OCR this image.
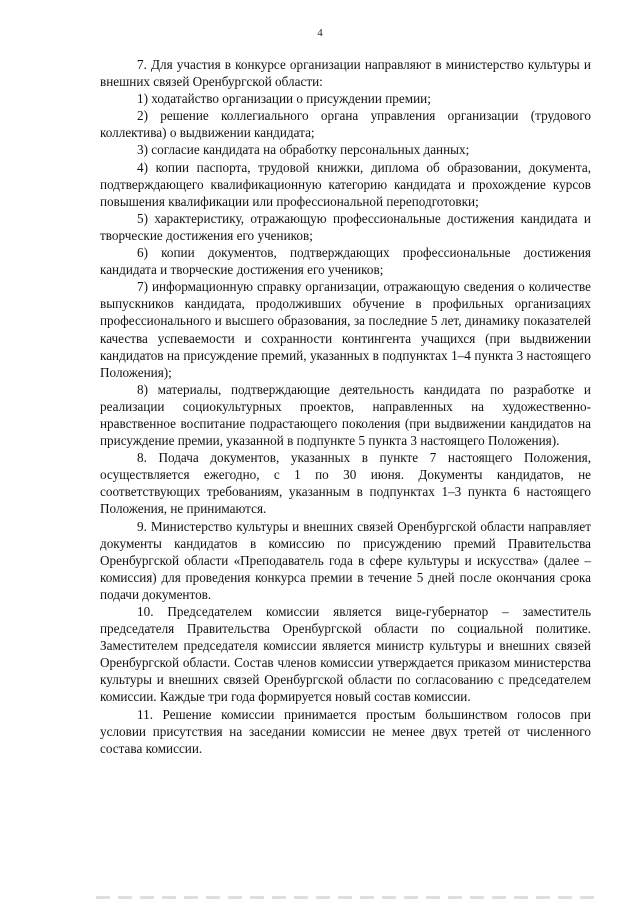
4

7. Для участия в конкурсе организации направляют в министерство культуры и внешних связей Оренбургской области:

1) ходатайство организации о присуждении премии;

2) решение коллегиального органа управления организации (трудового коллектива) о выдвижении кандидата;

3) согласие кандидата на обработку персональных данных;

4) копии паспорта, трудовой книжки, диплома об образовании, документа, подтверждающего квалификационную категорию кандидата и прохождение курсов повышения квалификации или профессиональной переподготовки;

5) характеристику, отражающую профессиональные достижения кандидата и творческие достижения его учеников;

6) копии документов, подтверждающих профессиональные достижения кандидата и творческие достижения его учеников;

7) информационную справку организации, отражающую сведения о количестве выпускников кандидата, продолживших обучение в профильных организациях профессионального и высшего образования, за последние 5 лет, динамику показателей качества успеваемости и сохранности контингента учащихся (при выдвижении кандидатов на присуждение премий, указанных в подпунктах 1–4 пункта 3 настоящего Положения);

8) материалы, подтверждающие деятельность кандидата по разработке и реализации социокультурных проектов, направленных на художественно-нравственное воспитание подрастающего поколения (при выдвижении кандидатов на присуждение премии, указанной в подпункте 5 пункта 3 настоящего Положения).

8. Подача документов, указанных в пункте 7 настоящего Положения, осуществляется ежегодно, с 1 по 30 июня. Документы кандидатов, не соответствующих требованиям, указанным в подпунктах 1–3 пункта 6 настоящего Положения, не принимаются.

9. Министерство культуры и внешних связей Оренбургской области направляет документы кандидатов в комиссию по присуждению премий Правительства Оренбургской области «Преподаватель года в сфере культуры и искусства» (далее – комиссия) для проведения конкурса премии в течение 5 дней после окончания срока подачи документов.

10. Председателем комиссии является вице-губернатор – заместитель председателя Правительства Оренбургской области по социальной политике. Заместителем председателя комиссии является министр культуры и внешних связей Оренбургской области. Состав членов комиссии утверждается приказом министерства культуры и внешних связей Оренбургской области по согласованию с председателем комиссии. Каждые три года формируется новый состав комиссии.

11. Решение комиссии принимается простым большинством голосов при условии присутствия на заседании комиссии не менее двух третей от численного состава комиссии.
